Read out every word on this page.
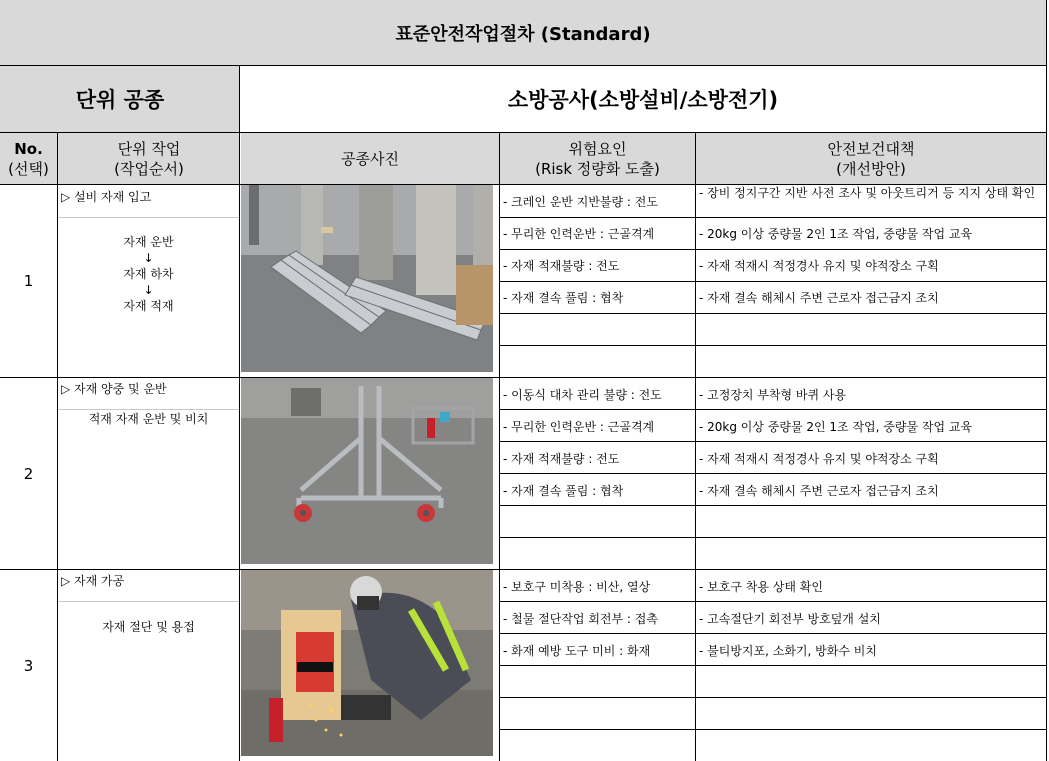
표준안전작업절차 (Standard)
단위 공종	소방공사(소방설비/소방전기)
No.
(선택)
단위 작업
(작업순서)
공종사진
위험요인
(Risk 정량화 도출)
안전보건대책
(개선방안)
1
▷ 설비 자재 입고
자재 운반
↓
자재 하차
↓
자재 적재
- 크레인 운반 지반불량 : 전도
- 무리한 인력운반 : 근골격계
- 자재 적재불량 : 전도
- 자재 결속 풀림 : 협착
- 장비 정지구간 지반 사전 조사 및 아웃트리거 등 지지 상태 확인
- 20kg 이상 중량물 2인 1조 작업, 중량물 작업 교육
- 자재 적재시 적정경사 유지 및 야적장소 구획
- 자재 결속 해체시 주변 근로자 접근금지 조치
2
▷ 자재 양중 및 운반
적재 자재 운반 및 비치
- 이동식 대차 관리 불량 : 전도
- 무리한 인력운반 : 근골격계
- 자재 적재불량 : 전도
- 자재 결속 풀림 : 협착
- 고정장치 부착형 바퀴 사용
- 20kg 이상 중량물 2인 1조 작업, 중량물 작업 교육
- 자재 적재시 적정경사 유지 및 야적장소 구획
- 자재 결속 해체시 주변 근로자 접근금지 조치
3
▷ 자재 가공
자재 절단 및 용접
- 보호구 미착용 : 비산, 열상
- 철물 절단작업 회전부 : 접촉
- 화재 예방 도구 미비 : 화재
- 보호구 착용 상태 확인
- 고속절단기 회전부 방호덮개 설치
- 불티방지포, 소화기, 방화수 비치
